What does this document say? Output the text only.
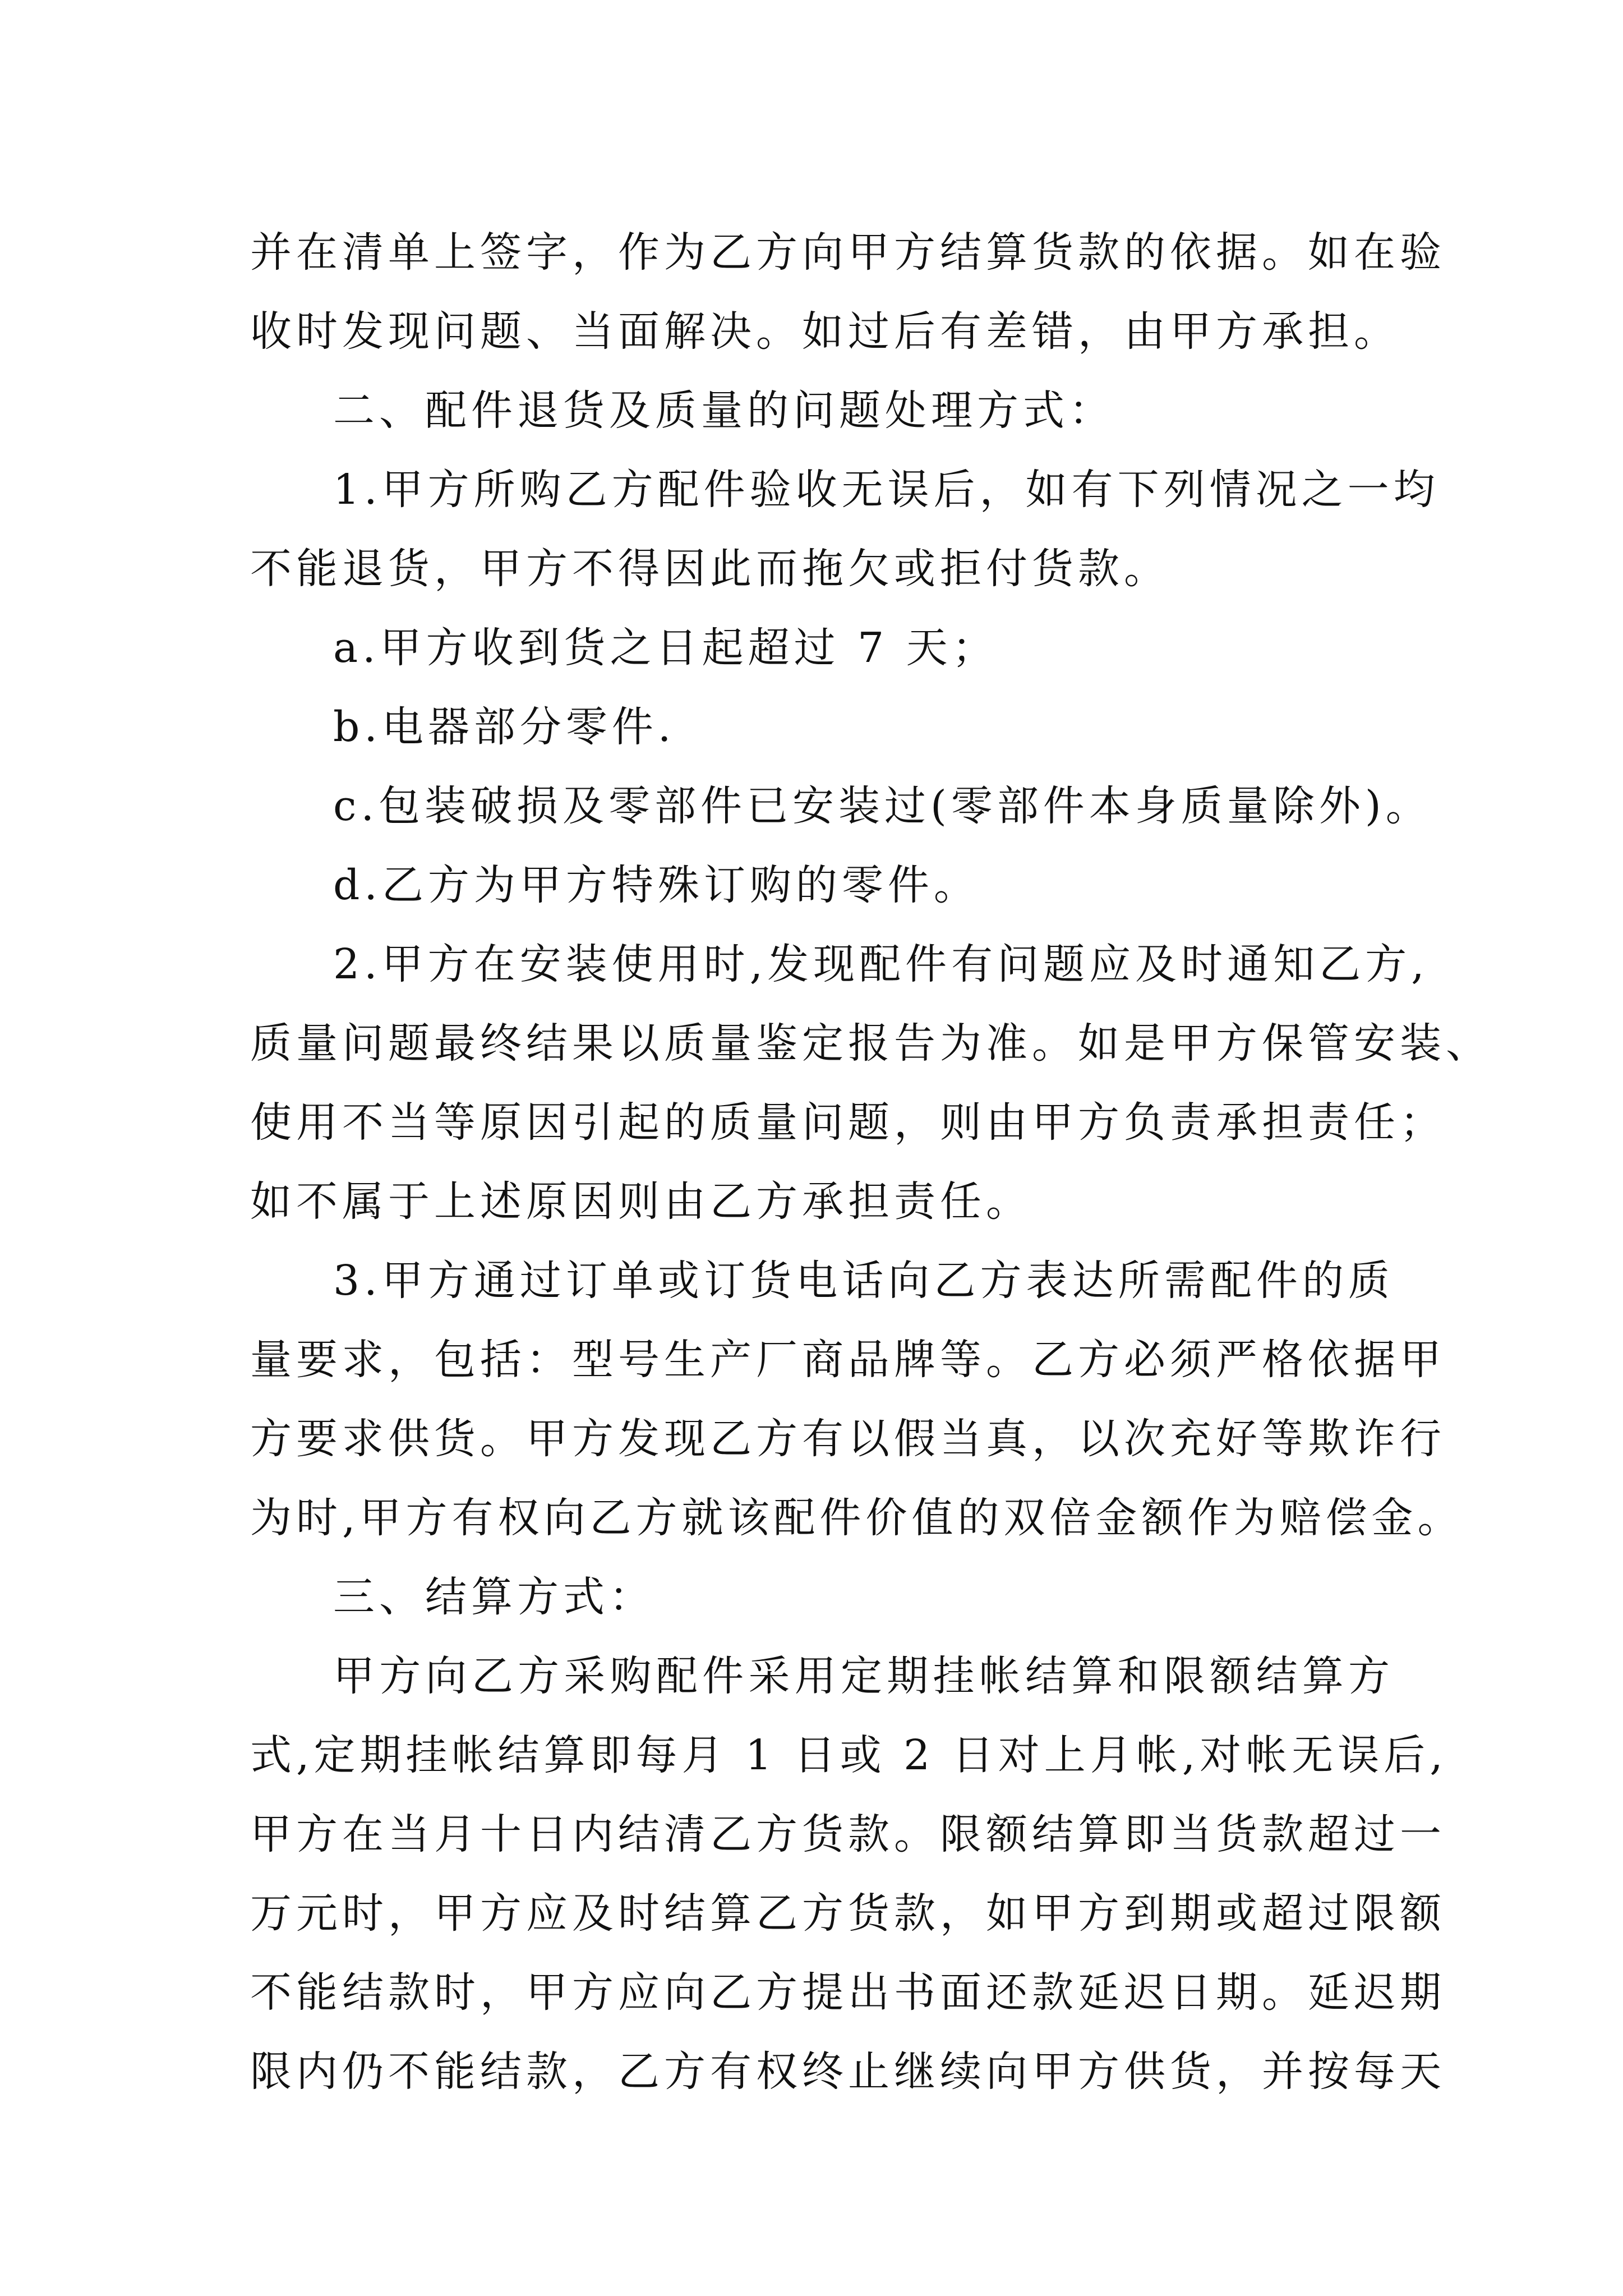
并在清单上签字，作为乙方向甲方结算货款的依据。如在验
收时发现问题、当面解决。如过后有差错，由甲方承担。
二、配件退货及质量的问题处理方式：
1.甲方所购乙方配件验收无误后，如有下列情况之一均
不能退货，甲方不得因此而拖欠或拒付货款。
a.甲方收到货之日起超过 7 天；
b.电器部分零件.
c.包装破损及零部件已安装过(零部件本身质量除外)。
d.乙方为甲方特殊订购的零件。
2.甲方在安装使用时,发现配件有问题应及时通知乙方,
质量问题最终结果以质量鉴定报告为准。如是甲方保管安装、
使用不当等原因引起的质量问题，则由甲方负责承担责任；
如不属于上述原因则由乙方承担责任。
3.甲方通过订单或订货电话向乙方表达所需配件的质
量要求，包括：型号生产厂商品牌等。乙方必须严格依据甲
方要求供货。甲方发现乙方有以假当真，以次充好等欺诈行
为时,甲方有权向乙方就该配件价值的双倍金额作为赔偿金。
三、结算方式：
甲方向乙方采购配件采用定期挂帐结算和限额结算方
式,定期挂帐结算即每月 1 日或 2 日对上月帐,对帐无误后,
甲方在当月十日内结清乙方货款。限额结算即当货款超过一
万元时，甲方应及时结算乙方货款，如甲方到期或超过限额
不能结款时，甲方应向乙方提出书面还款延迟日期。延迟期
限内仍不能结款，乙方有权终止继续向甲方供货，并按每天
